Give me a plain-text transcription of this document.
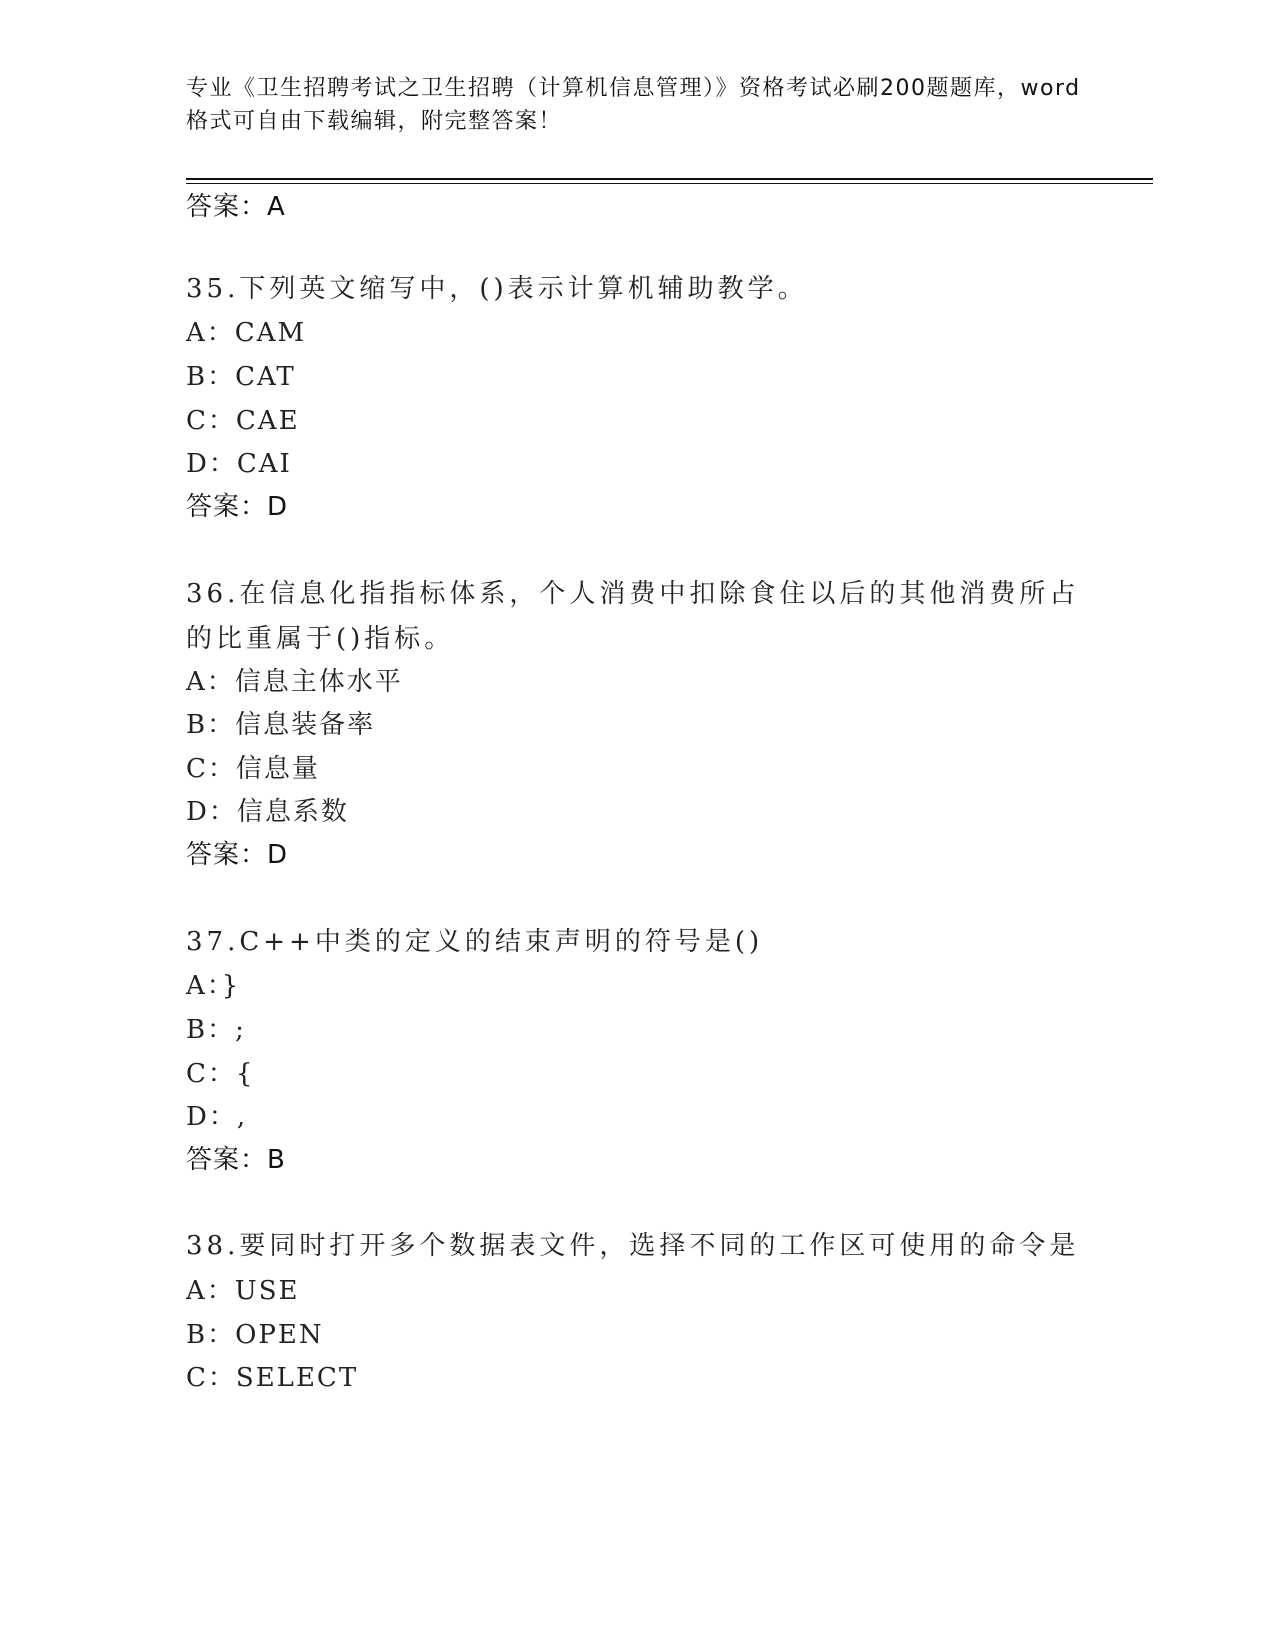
专业《卫生招聘考试之卫生招聘（计算机信息管理）》资格考试必刷200题题库，word格式可自由下载编辑，附完整答案！
答案：A
35.下列英文缩写中，()表示计算机辅助教学。
A：CAM
B：CAT
C：CAE
D：CAI
答案：D
36.在信息化指指标体系，个人消费中扣除食住以后的其他消费所占的比重属于()指标。
A：信息主体水平
B：信息装备率
C：信息量
D：信息系数
答案：D
37.C++中类的定义的结束声明的符号是()
A：}
B：;
C：{
D：,
答案：B
38.要同时打开多个数据表文件，选择不同的工作区可使用的命令是
A：USE
B：OPEN
C：SELECT
